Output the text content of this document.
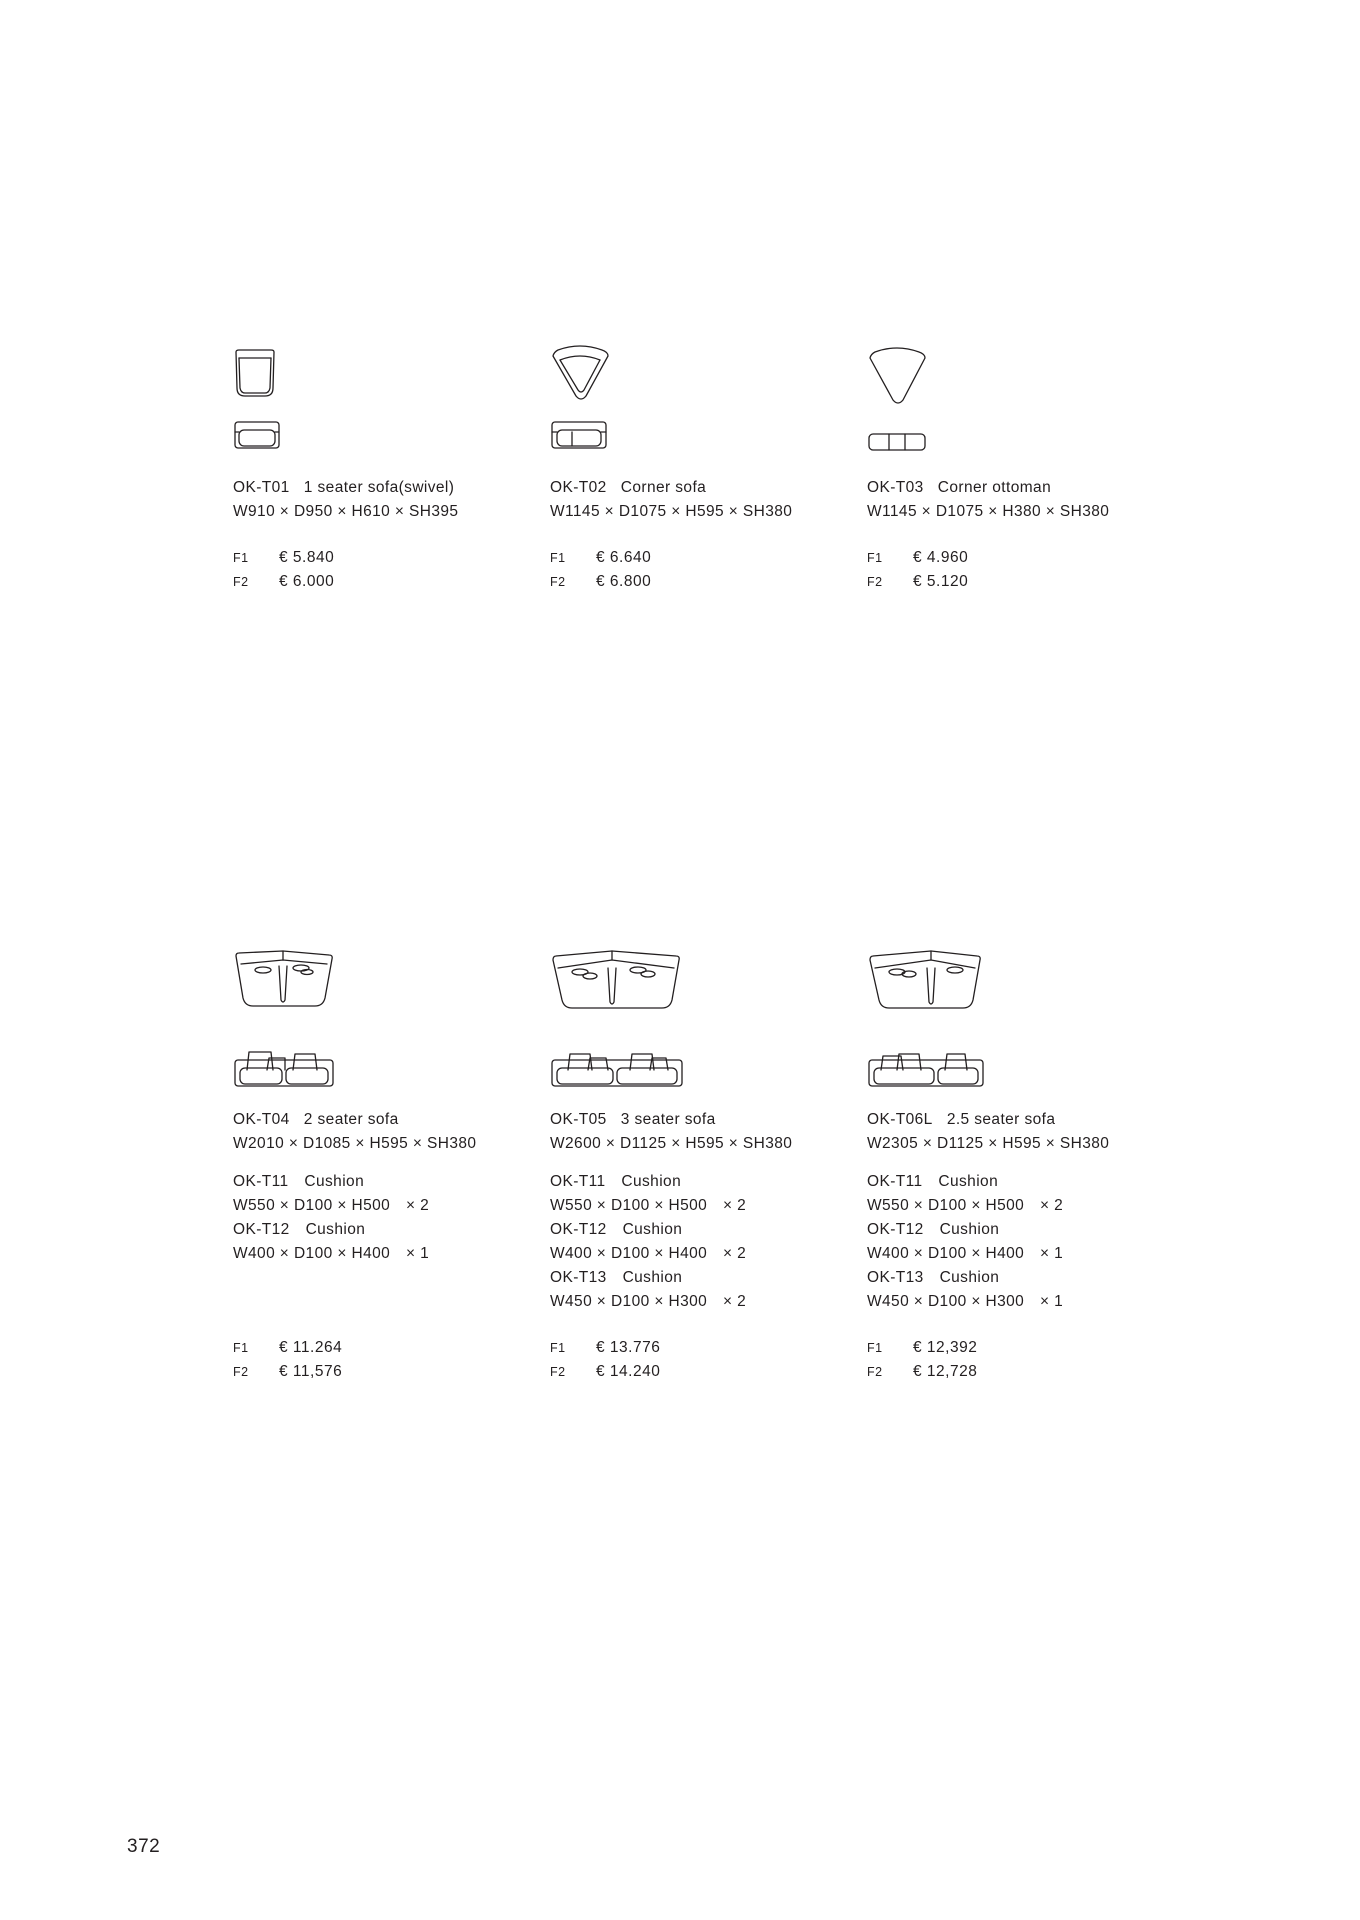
OK-T01 1 seater sofa(swivel)

W910 × D950 × H610 × SH395

F1	€ 5.840
F2	€ 6.000

OK-T02 Corner sofa

W1145 × D1075 × H595 × SH380

F1	€ 6.640
F2	€ 6.800

OK-T03 Corner ottoman

W1145 × D1075 × H380 × SH380

F1	€ 4.960
F2	€ 5.120

OK-T04 2 seater sofa

W2010 × D1085 × H595 × SH380

OK-T11　Cushion

W550 × D100 × H500　× 2

OK-T12　Cushion

W400 × D100 × H400　× 1

F1	€ 11.264
F2	€ 11,576

OK-T05 3 seater sofa

W2600 × D1125 × H595 × SH380

OK-T11　Cushion

W550 × D100 × H500　× 2

OK-T12　Cushion

W400 × D100 × H400　× 2

OK-T13　Cushion

W450 × D100 × H300　× 2

F1	€ 13.776
F2	€ 14.240

OK-T06L 2.5 seater sofa

W2305 × D1125 × H595 × SH380

OK-T11　Cushion

W550 × D100 × H500　× 2

OK-T12　Cushion

W400 × D100 × H400　× 1

OK-T13　Cushion

W450 × D100 × H300　× 1

F1	€ 12,392
F2	€ 12,728
372
